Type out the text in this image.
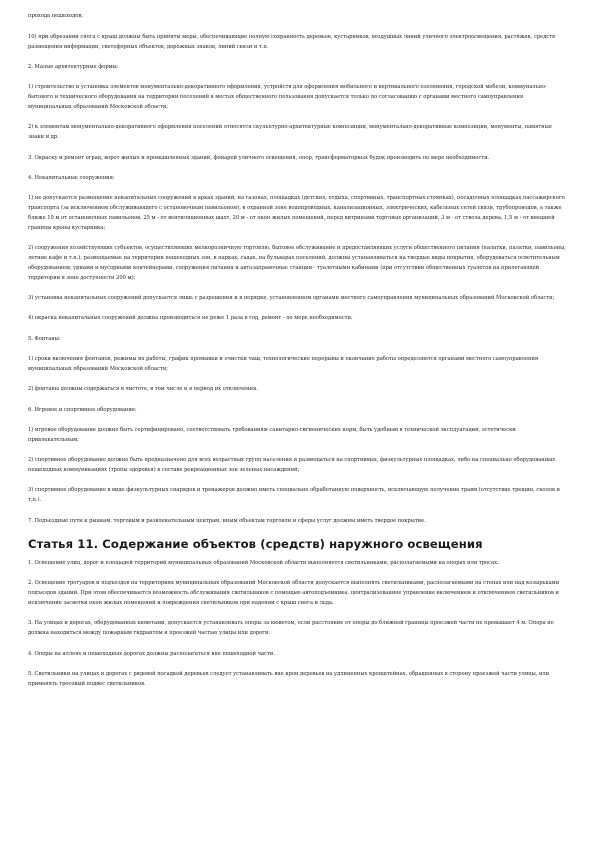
прохода пешеходов;

10) при обрезании снега с крыш должны быть приняты меры, обеспечивающие полную сохранность деревьев, кустарников, воздушных линий уличного электроосвещения, растяжек, средств размещения информации, светофорных объектов, дорожных знаков, линий связи и т.п.

2. Малые архитектурные формы:

1) строительство и установка элементов монументально-декоративного оформления, устройств для оформления мобильного и вертикального озеленения, городской мебели, коммунально-бытового и технического оборудования на территории поселений в местах общественного пользования допускается только по согласованию с органами местного самоуправления муниципальных образований Московской области;

2) к элементам монументально-декоративного оформления поселений относятся скульптурно-архитектурные композиции, монументально-декоративные композиции, монументы, памятные знаки и др.

3. Окраску и ремонт оград, ворот жилых и промышленных зданий, фонарей уличного освещения, опор, трансформаторных будок производить по мере необходимости.

4. Некапитальные сооружения:

1) не допускается размещение некапитальных сооружений в арках зданий, на газонах, площадках (детских, отдыха, спортивных, транспортных стоянках), посадочных площадках пассажирского транспорта (за исключением обслуживающего с остановочным павильоном), в охранной зоне водопроводных, канализационных, электрических, кабельных сетей связи, трубопроводов, а также ближе 10 м от остановочных павильонов, 25 м - от вентиляционных шахт, 20 м - от окон жилых помещений, перед витринами торговых организаций, 3 м - от ствола дерева, 1,5 м - от внешней границы кроны кустарника;

2) сооружения хозяйствующих субъектов, осуществляющих мелкорозничную торговлю, бытовое обслуживание и предоставляющих услуги общественного питания (палатки, палатки, павильоны, летние кафе и т.п.), размещаемые на территории пешеходных зон, в парках, садах, на бульварах поселений, должны устанавливаться на твердые виды покрытия, оборудоваться осветительным оборудованием, урнами и мусорными контейнерами, сооружения питания и автозаправочные станции - туалетными кабинами (при отсутствии общественных туалетов на прилегающей территории в зоне доступности 200 м);

3) установка некапитальных сооружений допускается лишь с разрешения и в порядке, установленном органами местного самоуправления муниципальных образований Московской области;

4) окраска некапитальных сооружений должна производиться не реже 1 раза в год, ремонт - по мере необходимости.

5. Фонтаны:

1) сроки включения фонтанов, режимы их работы, график промывки и очистки чаш, технологические перерывы и окончание работы определяются органами местного самоуправления муниципальных образований Московской области;

2) фонтаны должны содержаться в чистоте, в том числе и в период их отключения.

6. Игровое и спортивное оборудование:

1) игровое оборудование должно быть сертифицировано, соответствовать требованиям санитарно-гигиенических норм, быть удобным в технической эксплуатации, эстетически привлекательным;

2) спортивное оборудование должно быть предназначено для всех возрастных групп населения и размещаться на спортивных, физкультурных площадках, либо на специально оборудованных пешеходных коммуникациях (тропы здоровья) в составе рекреационных зон зеленых насаждений;

3) спортивное оборудование в виде физкультурных снарядов и тренажеров должно иметь специально обработанную поверхность, исключающую получение травм (отсутствие трещин, сколов и т.п.).

7. Подъездные пути к рынкам, торговым и развлекательным центрам, иным объектам торговли и сферы услуг должны иметь твердое покрытие.

Статья 11. Содержание объектов (средств) наружного освещения

1. Освещение улиц, дорог и площадей территорий муниципальных образований Московской области выполняется светильниками, располагаемыми на опорах или тросах.

2. Освещение тротуаров и подъездов на территориях муниципальных образований Московской области допускается выполнять светильниками, располагаемыми на стенах или над козырьками подъездов зданий. При этом обеспечивается возможность обслуживания светильников с помощью автоподъемника, централизованное управление включением и отключением светильников и исключение засветки окон жилых помещений и повреждения светильников при падении с крыш снега и льда.

3. На улицах и дорогах, оборудованных кюветами, допускается устанавливать опоры за кюветом, если расстояние от опоры до ближней границы проезжей части не превышает 4 м. Опора не должна находиться между пожарным гидрантом и проезжей частью улицы или дороги.

4. Опоры на аллеях и пешеходных дорогах должны располагаться вне пешеходной части.

5. Светильники на улицах и дорогах с рядовой посадкой деревьев следует устанавливать вне крон деревьев на удлиненных кронштейнах, обращенных в сторону проезжей части улицы, или применять тросовый подвес светильников.
